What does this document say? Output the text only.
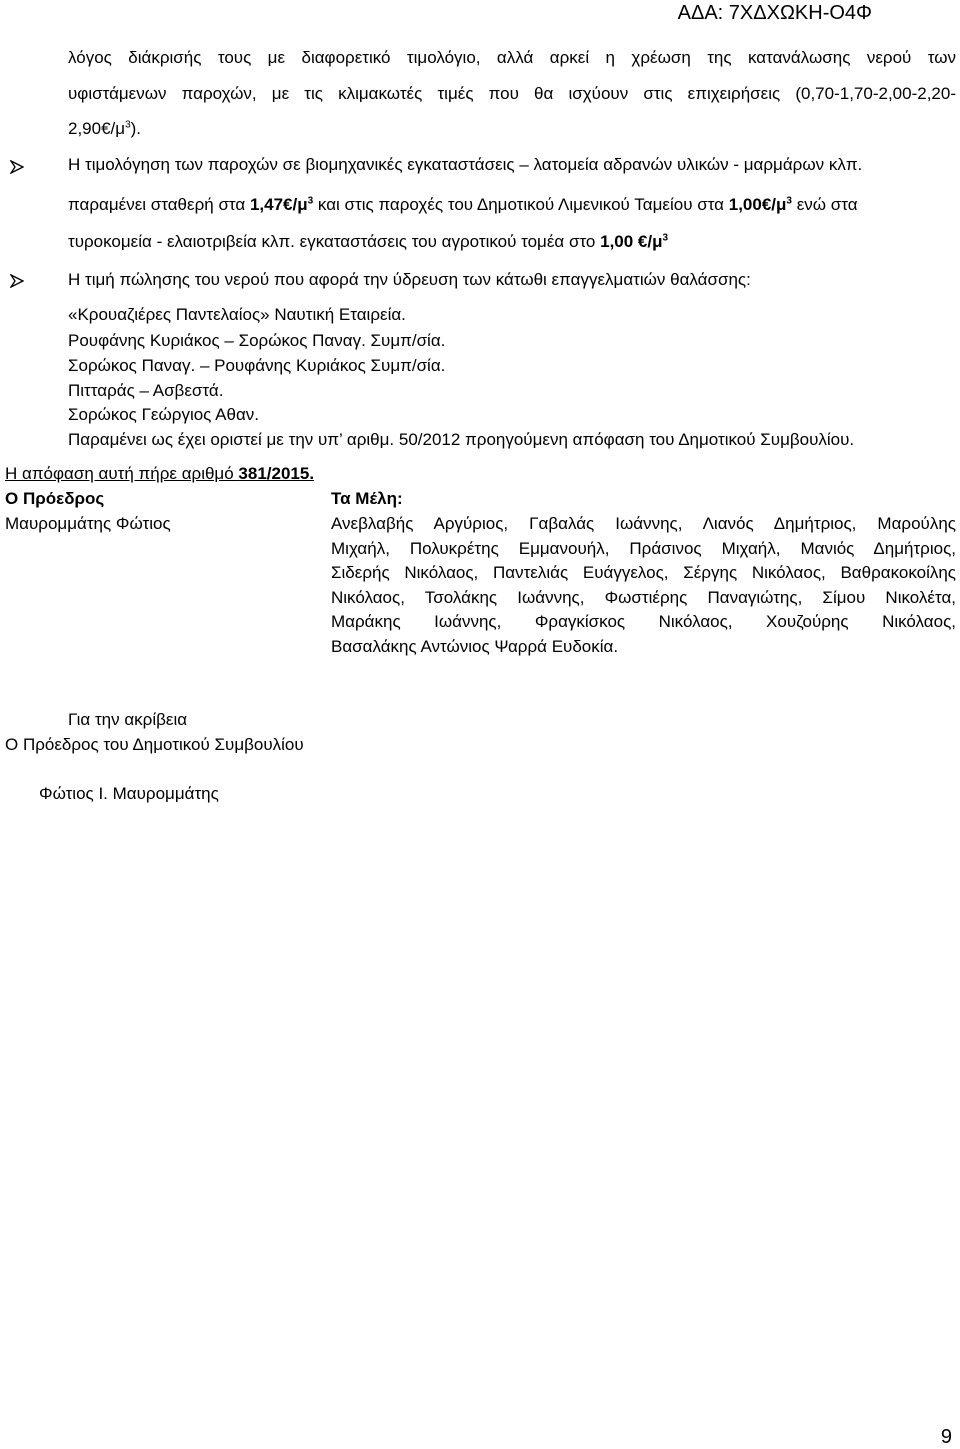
ΑΔΑ: 7ΧΔΧΩΚΗ-Ο4Φ
λόγος διάκρισής τους με διαφορετικό τιμολόγιο, αλλά αρκεί η χρέωση της κατανάλωσης νερού των
υφιστάμενων παροχών, με τις κλιμακωτές τιμές που θα ισχύουν στις επιχειρήσεις (0,70-1,70-2,00-2,20-
$2,90€/\mu^3$).
Η τιμολόγηση των παροχών σε βιομηχανικές εγκαταστάσεις – λατομεία αδρανών υλικών - μαρμάρων κλπ.
παραμένει σταθερή στα $1,47€/\mu^3$ και στις παροχές του Δημοτικού Λιμενικού Ταμείου στα $1,00€/\mu^3$ ενώ στα
τυροκομεία - ελαιοτριβεία κλπ. εγκαταστάσεις του αγροτικού τομέα στο 1,00 $€/\mu^3$
Η τιμή πώλησης του νερού που αφορά την ύδρευση των κάτωθι επαγγελματιών θαλάσσης:
«Κρουαζιέρες Παντελαίος» Ναυτική Εταιρεία.
Ρουφάνης Κυριάκος – Σορώκος Παναγ. Συμπ/σία.
Σορώκος Παναγ. – Ρουφάνης Κυριάκος Συμπ/σία.
Πιτταράς – Ασβεστά.
Σορώκος Γεώργιος Αθαν.
Παραμένει ως έχει οριστεί με την υπ’ αριθμ. 50/2012 προηγούμενη απόφαση του Δημοτικού Συμβουλίου.
Η απόφαση αυτή πήρε αριθμό 381/2015.
Ο Πρόεδρος	Τα Μέλη:
Μαυρομμάτης Φώτιος	Ανεβλαβής Αργύριος, Γαβαλάς Ιωάννης, Λιανός Δημήτριος, Μαρούλης
Μιχαήλ, Πολυκρέτης Εμμανουήλ, Πράσινος Μιχαήλ, Μανιός Δημήτριος,
Σιδερής Νικόλαος, Παντελιάς Ευάγγελος, Σέργης Νικόλαος, Βαθρακοκοίλης
Νικόλαος, Τσολάκης Ιωάννης, Φωστιέρης Παναγιώτης, Σίμου Νικολέτα,
Μαράκης Ιωάννης, Φραγκίσκος Νικόλαος, Χουζούρης Νικόλαος,
Βασαλάκης Αντώνιος Ψαρρά Ευδοκία.
Για την ακρίβεια
Ο Πρόεδρος του Δημοτικού Συμβουλίου
Φώτιος Ι. Μαυρομμάτης
9
